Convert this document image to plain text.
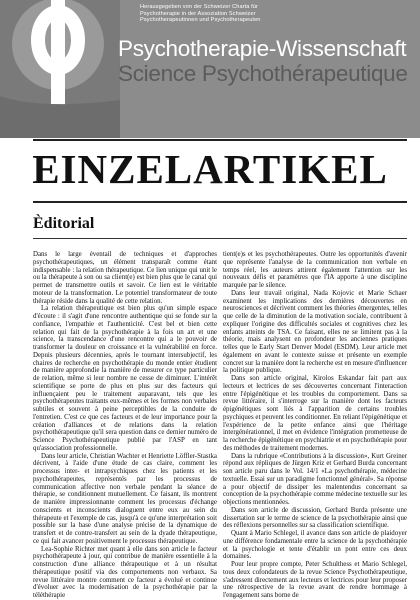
Herausgegeben von der Schweizer Charta für
Psychotherapie in der Assoziation Schweizer
Psychotherapeutinnen und Psychotherapeuten
Psychotherapie-Wissenschaft
Science Psychothérapeutique
EINZELARTIKEL
Èditorial

Dans le large éventail de techniques et d'approches psychothérapeutiques, un élément transparaît comme étant indispensable : la relation thérapeutique. Ce lien unique qui unit le ou la thérapeute à son ou sa client(e) est bien plus que le canal qui permet de transmettre outils et savoir. Ce lien est le véritable moteur de la transformation. Le potentiel transformateur de toute thérapie réside dans la qualité de cette relation.

La relation thérapeutique est bien plus qu'un simple espace d'écoute : il s'agit d'une rencontre authentique qui se fonde sur la confiance, l'empathie et l'authenticité. C'est bel et bien cette relation qui fait de la psychothérapie à la fois un art et une science, la transcendance d'une rencontre qui a le pouvoir de transformer la douleur en croissance et la vulnérabilité en force. Depuis plusieurs décennies, après le tournant intersubjectif, les chaires de recherche en psychothérapie du monde entier étudient de manière approfondie la manière de mesurer ce type particulier de relation, même si leur nombre ne cesse de diminuer. L'intérêt scientifique se porte de plus en plus sur des facteurs qui influençaient peu le traitement auparavant, tels que les psychothérapeutes traitants eux-mêmes et les formes non verbales subtiles et souvent à peine perceptibles de la conduite de l'entretien. C'est ce que ces facteurs et de leur importance pour la création d'alliances et de relations dans la relation psychothérapeutique qu'il sera question dans ce dernier numéro de Science Psychothérapeutique publié par l'ASP en tant qu'association professionnelle.

Dans leur article, Christian Wachter et Henriette Löffler-Stastka décrivent, à l'aide d'une étude de cas claire, comment les processus inter- et intrapsychiques chez les patients et les psychothérapeutes, représentés par les processus de communication affective non verbale pendant la séance de thérapie, se conditionnent mutuellement. Ce faisant, ils montrent de manière impressionnante comment les processus d'échange conscients et inconscients dialoguent entre eux au sein du thérapeute et l'exemple de cas, jusqu'à ce qu'une interprétation soit possible sur la base d'une analyse précise de la dynamique de transfert et de contre-transfert au sein de la dyade thérapeutique, ce qui fait avancer positivement le processus thérapeutique.

Lea-Sophie Richter met quant à elle dans son article le facteur psychothérapeute à jour, qui contribue de manière essentielle à la construction d'une alliance thérapeutique et à un résultat thérapeutique positif via des comportements non verbaux. Sa revue littéraire montre comment ce facteur a évolué et continue d'évoluer avec la modernisation de la psychothérapie par la téléthérapie

tient(e)s et les psychothérapeutes. Outre les opportunités d'avenir que représente l'analyse de la communication non verbale en temps réel, les auteurs attirent également l'attention sur les nouveaux défis et paramètres que l'IA apporte à une discipline marquée par le silence.

Dans leur travail original, Nada Kojovic et Marie Schaer examinent les implications des dernières découvertes en neurosciences et décrivent comment les théories émergentes, telles que celle de la diminution de la motivation sociale, contribuent à expliquer l'origine des difficultés sociales et cognitives chez les enfants atteints de TSA. Ce faisant, elles ne se limitent pas à la théorie, mais analysent en profondeur les anciennes pratiques telles que le Early Start Denver Model (ESDM). Leur article met également en avant le contexte suisse et présente un exemple concret sur la manière dont la recherche est en mesure d'influencer la politique publique.

Dans son article original, Kirolos Eskandar fait part aux lecteurs et lectrices de ses découvertes concernant l'interaction entre l'épigénétique et les troubles du comportement. Dans sa revue littéraire, il s'interroge sur la manière dont les facteurs épigénétiques sont liés à l'apparition de certains troubles psychiques et peuvent les conditionner. En reliant l'épigénétique et l'expérience de la petite enfance ainsi que l'héritage intergénérationnel, il met en évidence l'intégration prometteuse de la recherche épigénétique en psychiatrie et en psychothérapie pour des méthodes de traitement modernes.

Dans la rubrique «Contributions à la discussion», Kurt Greiner répond aux répliques de Jürgen Kriz et Gerhard Burda concernant son article paru dans le Vol. 14/1 «La psychothérapie, médecine textuelle. Essai sur un paradigme fonctionnel général». Sa réponse a pour objectif de dissiper les malentendus concernant sa conception de la psychothérapie comme médecine textuelle sur les objections mentionnées.

Dans son article de discussion, Gerhard Burda présente une dissertation sur le terme de science de la psychothérapie ainsi que des réflexions personnelles sur sa classification scientifique.

Quant à Mario Schlegel, il avance dans son article de plaidoyer une différence fondamentale entre la science de la psychothérapie et la psychologie et tente d'établir un pont entre ces deux domaines.

Pour leur propre compte, Peter Schulthess et Mario Schlegel, tous deux cofondateurs de la revue Science Psychothérapeutique, s'adressent directement aux lecteurs et lectrices pour leur proposer une rétrospective de la revue avant de rendre hommage à l'engagement sans borne de
